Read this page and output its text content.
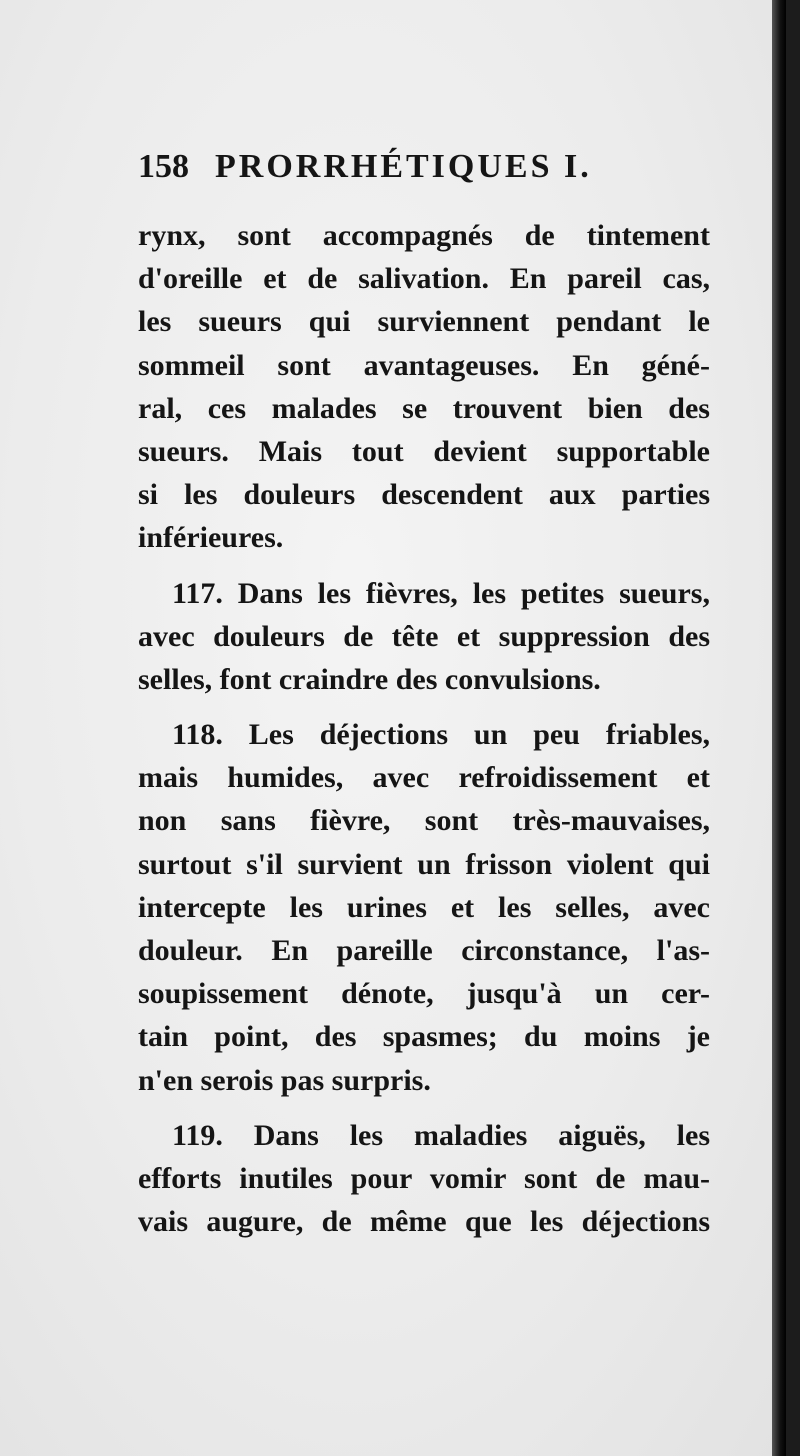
158 PRORRHÉTIQUES I.
rynx, sont accompagnés de tintement
d'oreille et de salivation. En pareil cas,
les sueurs qui surviennent pendant le
sommeil sont avantageuses. En géné-
ral, ces malades se trouvent bien des
sueurs. Mais tout devient supportable
si les douleurs descendent aux parties
inférieures.
117. Dans les fièvres, les petites sueurs,
avec douleurs de tête et suppression des
selles, font craindre des convulsions.
118. Les déjections un peu friables,
mais humides, avec refroidissement et
non sans fièvre, sont très-mauvaises,
surtout s'il survient un frisson violent qui
intercepte les urines et les selles, avec
douleur. En pareille circonstance, l'as-
soupissement dénote, jusqu'à un cer-
tain point, des spasmes; du moins je
n'en serois pas surpris.
119. Dans les maladies aiguës, les
efforts inutiles pour vomir sont de mau-
vais augure, de même que les déjections
